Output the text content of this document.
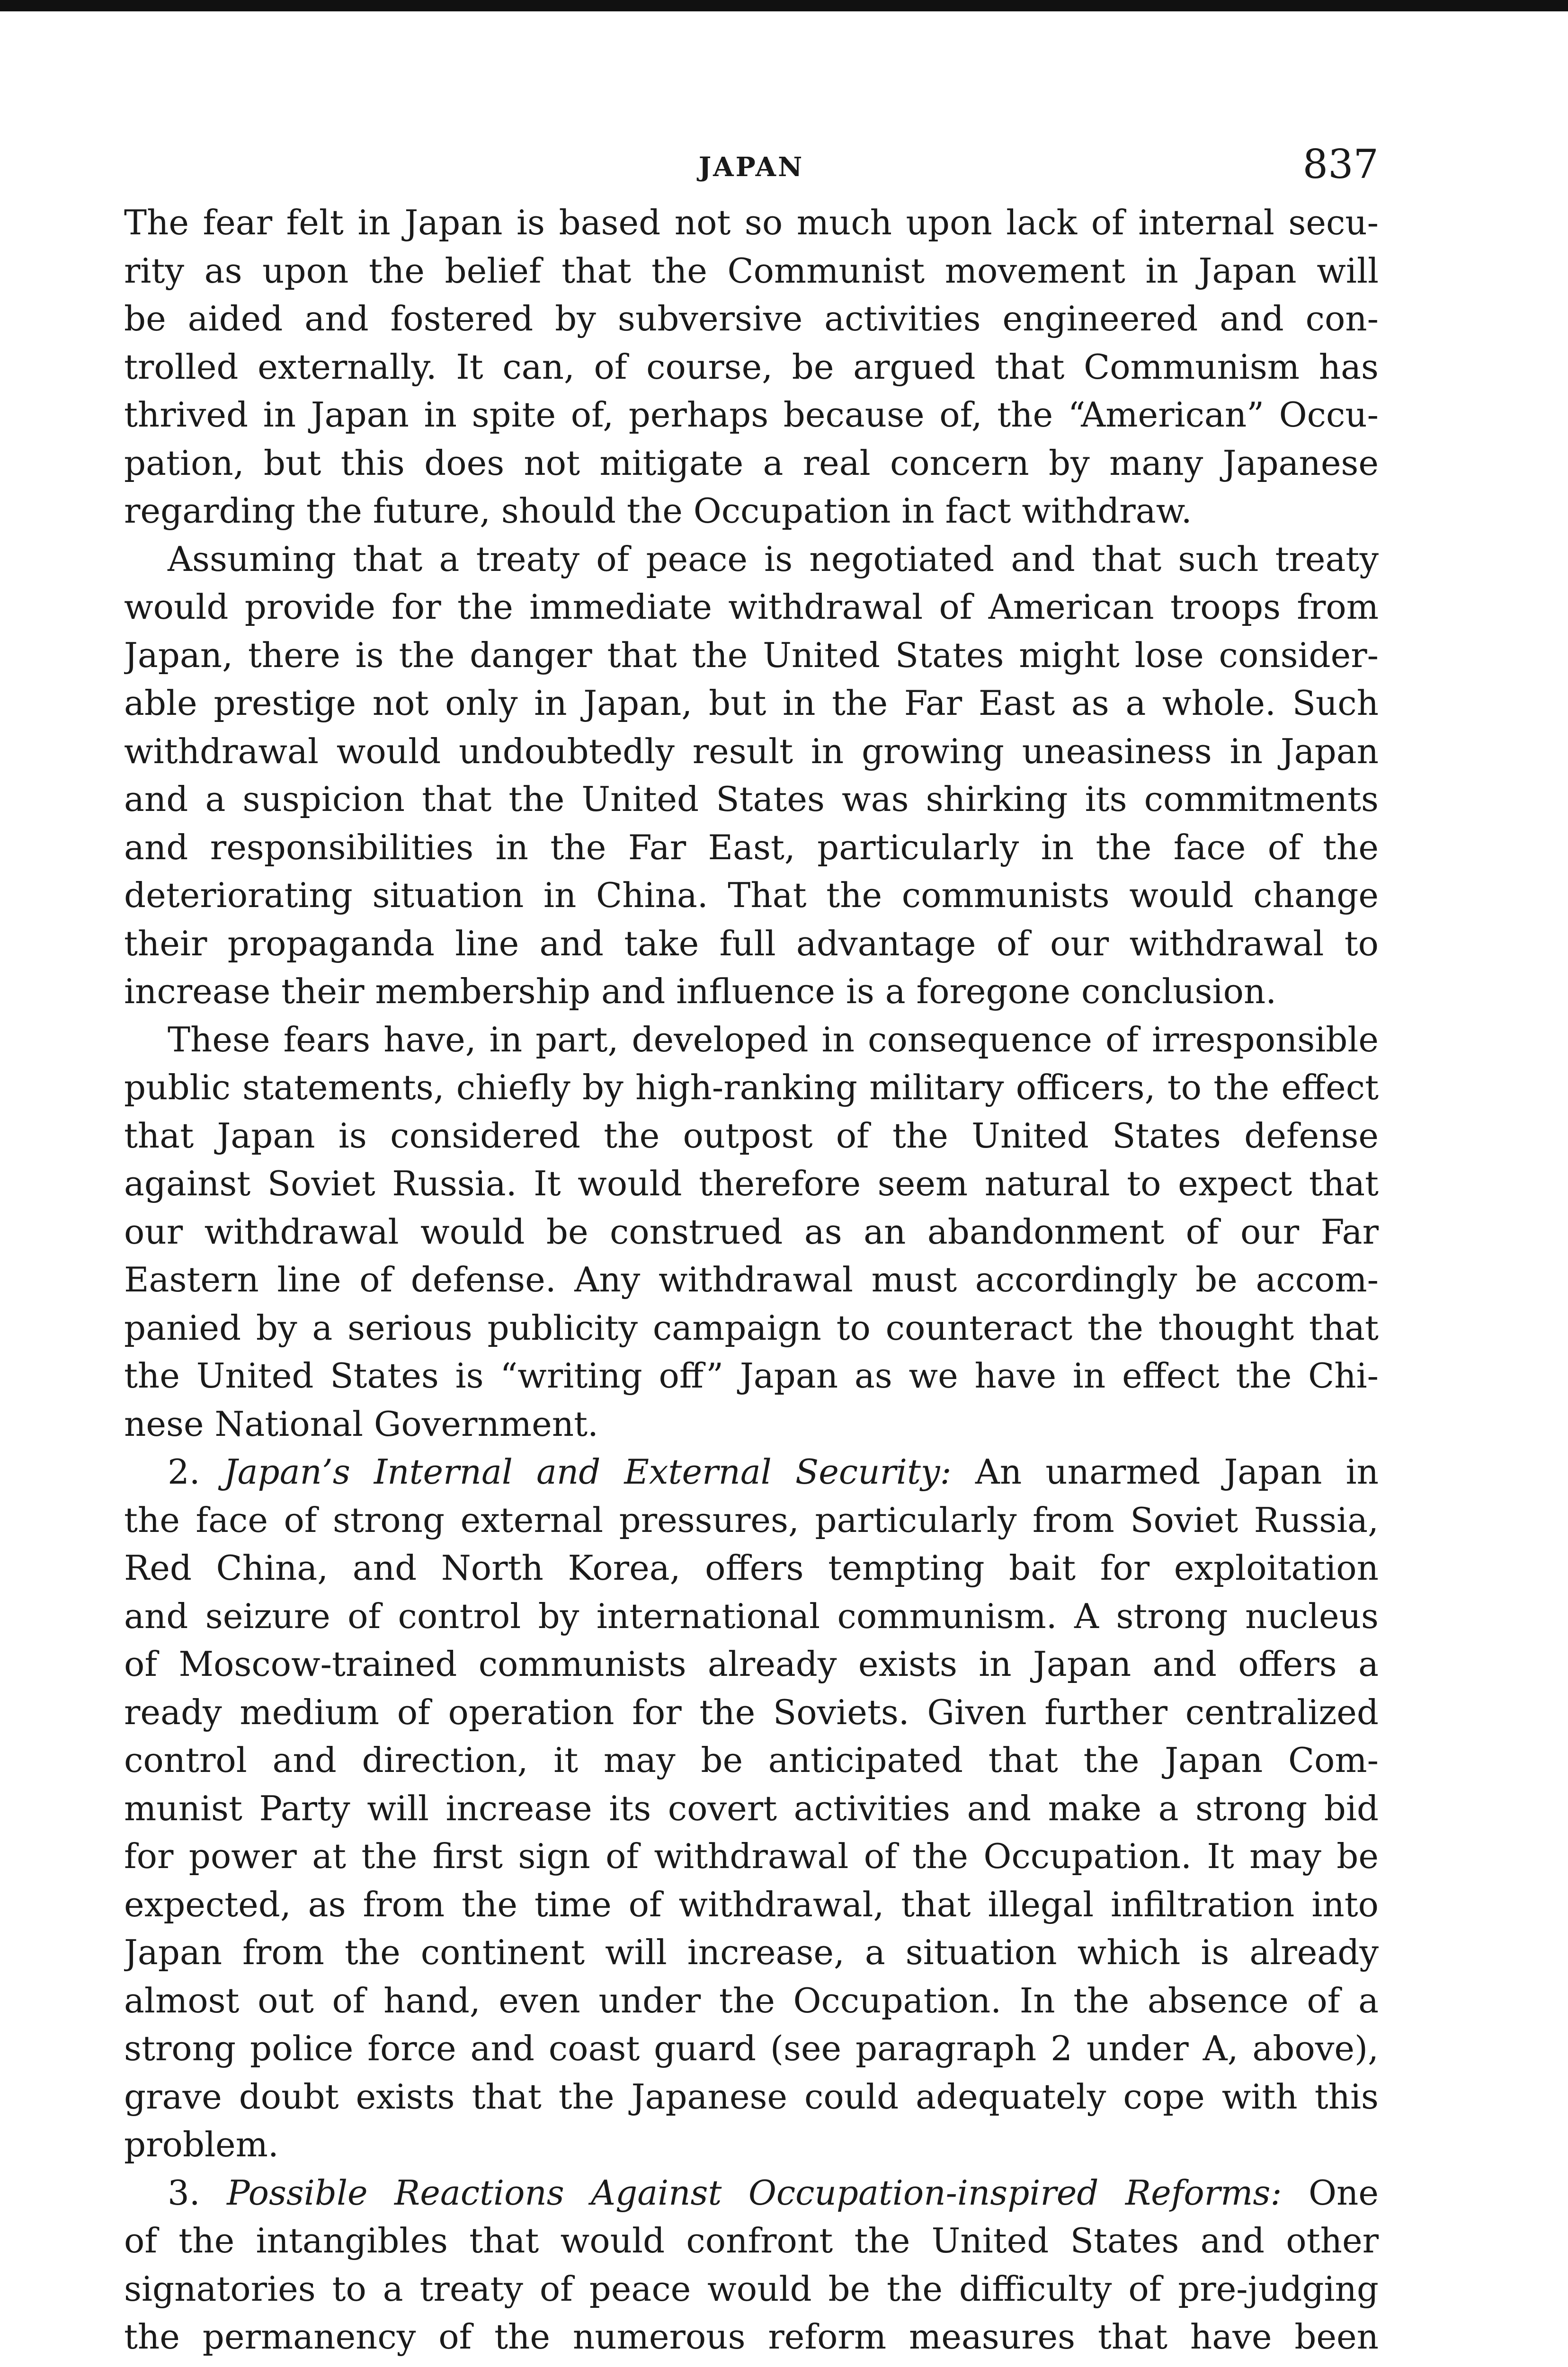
JAPAN	837

The fear felt in Japan is based not so much upon lack of internal secu-
rity as upon the belief that the Communist movement in Japan will
be aided and fostered by subversive activities engineered and con-
trolled externally. It can, of course, be argued that Communism has
thrived in Japan in spite of, perhaps because of, the “American” Occu-
pation, but this does not mitigate a real concern by many Japanese
regarding the future, should the Occupation in fact withdraw.

Assuming that a treaty of peace is negotiated and that such treaty
would provide for the immediate withdrawal of American troops from
Japan, there is the danger that the United States might lose consider-
able prestige not only in Japan, but in the Far East as a whole. Such
withdrawal would undoubtedly result in growing uneasiness in Japan
and a suspicion that the United States was shirking its commitments
and responsibilities in the Far East, particularly in the face of the
deteriorating situation in China. That the communists would change
their propaganda line and take full advantage of our withdrawal to
increase their membership and influence is a foregone conclusion.

These fears have, in part, developed in consequence of irresponsible
public statements, chiefly by high-ranking military officers, to the effect
that Japan is considered the outpost of the United States defense
against Soviet Russia. It would therefore seem natural to expect that
our withdrawal would be construed as an abandonment of our Far
Eastern line of defense. Any withdrawal must accordingly be accom-
panied by a serious publicity campaign to counteract the thought that
the United States is “writing off” Japan as we have in effect the Chi-
nese National Government.

2. Japan’s Internal and External Security: An unarmed Japan in
the face of strong external pressures, particularly from Soviet Russia,
Red China, and North Korea, offers tempting bait for exploitation
and seizure of control by international communism. A strong nucleus
of Moscow-trained communists already exists in Japan and offers a
ready medium of operation for the Soviets. Given further centralized
control and direction, it may be anticipated that the Japan Com-
munist Party will increase its covert activities and make a strong bid
for power at the first sign of withdrawal of the Occupation. It may be
expected, as from the time of withdrawal, that illegal infiltration into
Japan from the continent will increase, a situation which is already
almost out of hand, even under the Occupation. In the absence of a
strong police force and coast guard (see paragraph 2 under A, above),
grave doubt exists that the Japanese could adequately cope with this
problem.

3. Possible Reactions Against Occupation-inspired Reforms: One
of the intangibles that would confront the United States and other
signatories to a treaty of peace would be the difficulty of pre-judging
the permanency of the numerous reform measures that have been
